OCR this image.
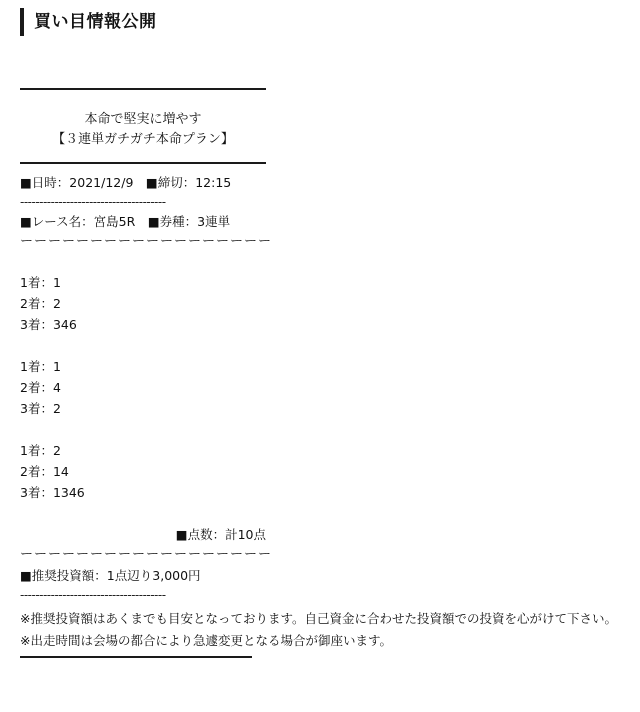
買い目情報公開
本命で堅実に増やす
【３連単ガチガチ本命プラン】
■日時：2021/12/9　■締切：12:15
--------------------------------------
■レース名：宮島5R　■券種：3連単
ーーーーーーーーーーーーーーーーーー
1着：1
2着：2
3着：346
1着：1
2着：4
3着：2
1着：2
2着：14
3着：1346
■点数：計10点
ーーーーーーーーーーーーーーーーーー
■推奨投資額：1点辺り3,000円
--------------------------------------
※推奨投資額はあくまでも目安となっております。自己資金に合わせた投資額での投資を心がけて下さい。
※出走時間は会場の都合により急遽変更となる場合が御座います。
